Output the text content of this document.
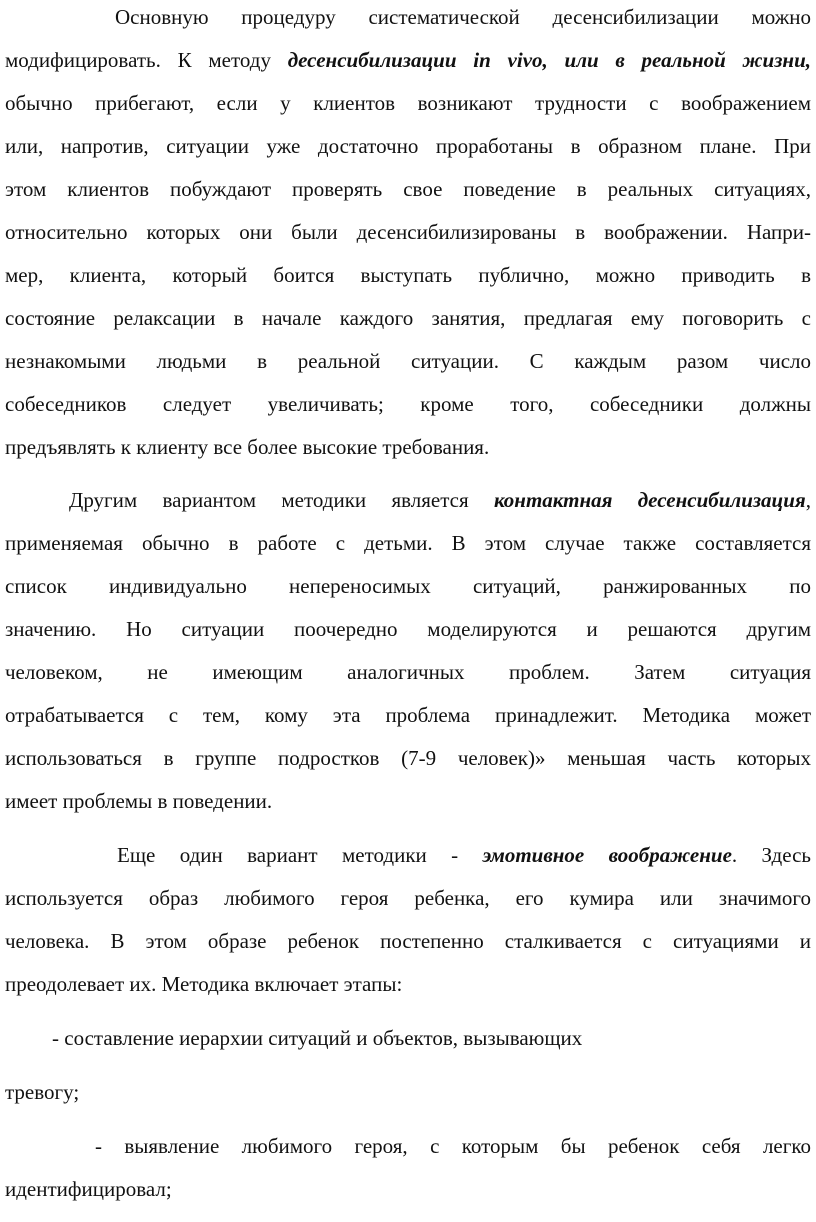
Основную процедуру систематической десенсибилизации можно
модифицировать. К методу десенсибилизации in vivo, или в реальной жизни,
обычно прибегают, если у клиентов возникают трудности с воображением
или, напротив, ситуации уже достаточно проработаны в образном плане. При
этом клиентов побуждают проверять свое поведение в реальных ситуациях,
относительно которых они были десенсибилизированы в воображении. Напри-
мер, клиента, который боится выступать публично, можно приводить в
состояние релаксации в начале каждого занятия, предлагая ему поговорить с
незнакомыми людьми в реальной ситуации. С каждым разом число
собеседников следует увеличивать; кроме того, собеседники должны
предъявлять к клиенту все более высокие требования.
Другим вариантом методики является контактная десенсибилизация,
применяемая обычно в работе с детьми. В этом случае также составляется
список индивидуально непереносимых ситуаций, ранжированных по
значению. Но ситуации поочередно моделируются и решаются другим
человеком, не имеющим аналогичных проблем. Затем ситуация
отрабатывается с тем, кому эта проблема принадлежит. Методика может
использоваться в группе подростков (7-9 человек)» меньшая часть которых
имеет проблемы в поведении.
Еще один вариант методики - эмотивное воображение. Здесь
используется образ любимого героя ребенка, его кумира или значимого
человека. В этом образе ребенок постепенно сталкивается с ситуациями и
преодолевает их. Методика включает этапы:
- составление иерархии ситуаций и объектов, вызывающих
тревогу;
- выявление любимого героя, с которым бы ребенок себя легко
идентифицировал;
